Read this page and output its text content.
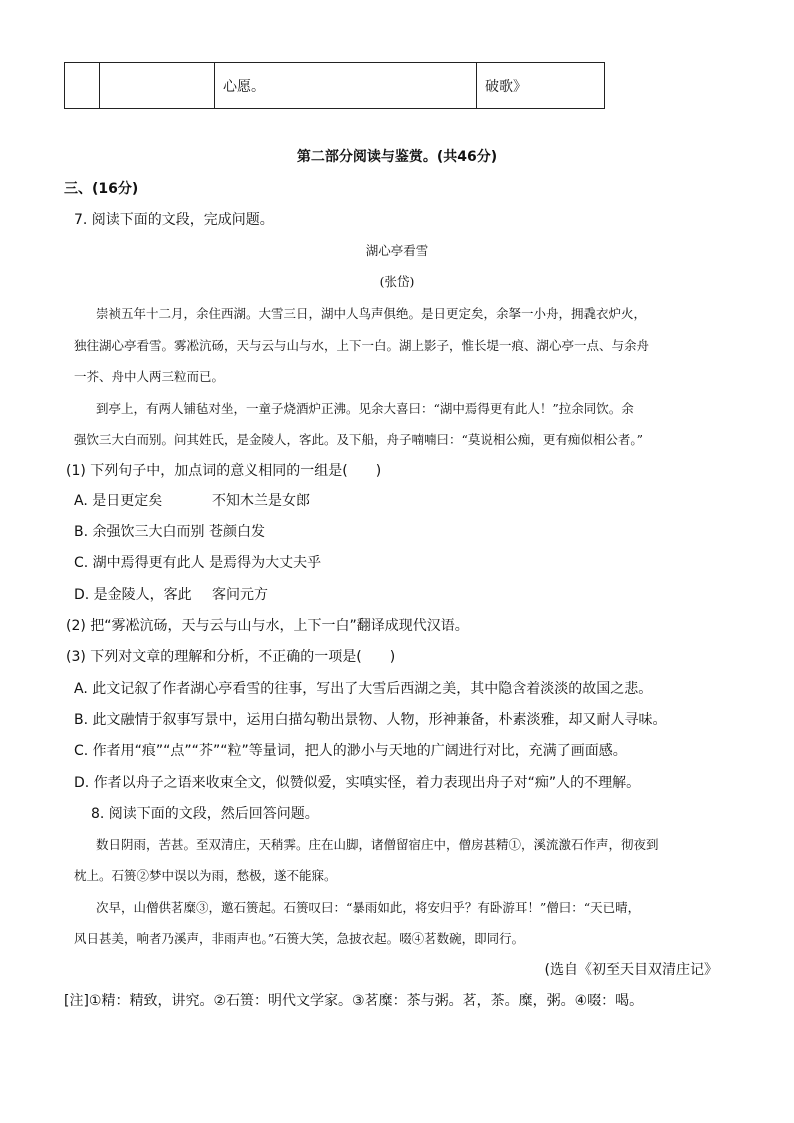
		心愿。	破歌》
第二部分阅读与鉴赏。(共46分)
三、(16分)
7. 阅读下面的文段，完成问题。
湖心亭看雪
(张岱)
崇祯五年十二月，余住西湖。大雪三日，湖中人鸟声俱绝。是日更定矣，余拏一小舟，拥毳衣炉火，
独往湖心亭看雪。雾凇沆砀，天与云与山与水，上下一白。湖上影子，惟长堤一痕、湖心亭一点、与余舟
一芥、舟中人两三粒而已。
到亭上，有两人铺毡对坐，一童子烧酒炉正沸。见余大喜曰：“湖中焉得更有此人！”拉余同饮。余
强饮三大白而别。问其姓氏，是金陵人，客此。及下船，舟子喃喃曰：“莫说相公痴，更有痴似相公者。”
(1) 下列句子中，加点词的意义相同的一组是(　　)
A. 是日更定矣	不知木兰是女郎
B. 余强饮三大白而别 苍颜白发
C. 湖中焉得更有此人 是焉得为大丈夫乎
D. 是金陵人，客此 客问元方
(2) 把“雾凇沆砀，天与云与山与水，上下一白”翻译成现代汉语。
(3) 下列对文章的理解和分析，不正确的一项是(　　)
A. 此文记叙了作者湖心亭看雪的往事，写出了大雪后西湖之美，其中隐含着淡淡的故国之悲。
B. 此文融情于叙事写景中，运用白描勾勒出景物、人物，形神兼备，朴素淡雅，却又耐人寻味。
C. 作者用“痕”“点”“芥”“粒”等量词，把人的渺小与天地的广阔进行对比，充满了画面感。
D. 作者以舟子之语来收束全文，似赞似爱，实嗔实怪，着力表现出舟子对“痴”人的不理解。
8. 阅读下面的文段，然后回答问题。
数日阴雨，苦甚。至双清庄，天稍霁。庄在山脚，诸僧留宿庄中，僧房甚精①，溪流激石作声，彻夜到
枕上。石篑②梦中误以为雨，愁极，遂不能寐。
次早，山僧供茗糜③，邀石篑起。石篑叹曰：“暴雨如此，将安归乎？有卧游耳！”僧曰：“天已晴，
风日甚美，响者乃溪声，非雨声也。”石篑大笑，急披衣起。啜④茗数碗，即同行。
(选自《初至天目双清庄记》
[注]①精：精致，讲究。②石篑：明代文学家。③茗糜：茶与粥。茗，茶。糜，粥。④啜：喝。
